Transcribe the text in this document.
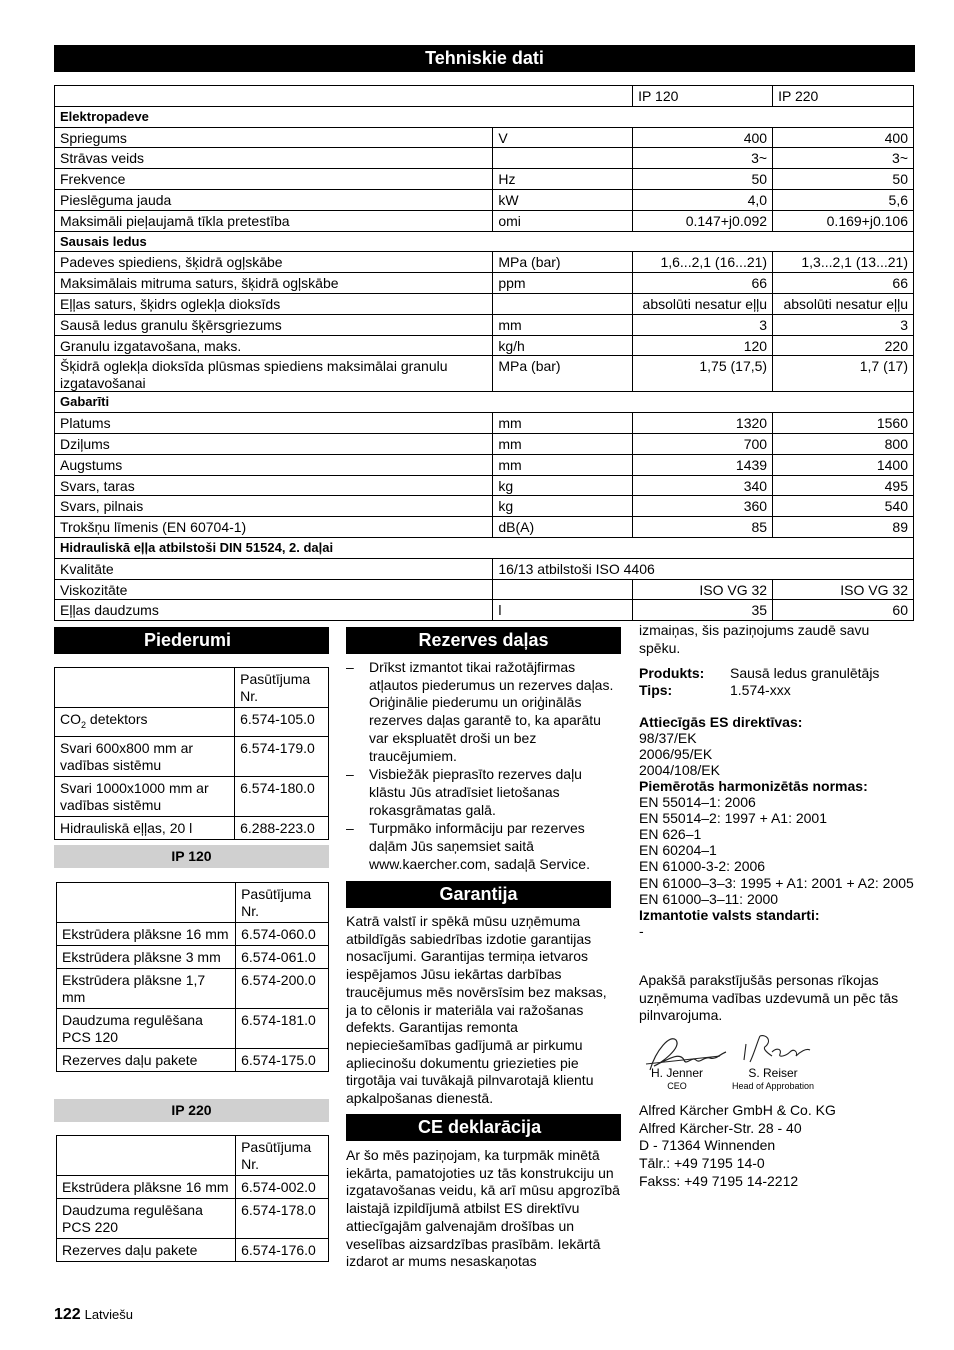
Tehniskie dati
		IP 120	IP 220
Elektropadeve			
Spriegums	V	400	400
Strāvas veids		3~	3~
Frekvence	Hz	50	50
Pieslēguma jauda	kW	4,0	5,6
Maksimāli pieļaujamā tīkla pretestība	omi	0.147+j0.092	0.169+j0.106
Sausais ledus			
Padeves spiediens, šķidrā ogļskābe	MPa (bar)	1,6...2,1 (16...21)	1,3...2,1 (13...21)
Maksimālais mitruma saturs, šķidrā ogļskābe	ppm	66	66
Eļļas saturs, šķidrs oglekļa dioksīds		absolūti nesatur eļļu	absolūti nesatur eļļu
Sausā ledus granulu šķērsgriezums	mm	3	3
Granulu izgatavošana, maks.	kg/h	120	220
Šķidrā oglekļa dioksīda plūsmas spiediens maksimālai granulu izgatavošanai	MPa (bar)	1,75 (17,5)	1,7 (17)
Gabarīti			
Platums	mm	1320	1560
Dziļums	mm	700	800
Augstums	mm	1439	1400
Svars, taras	kg	340	495
Svars, pilnais	kg	360	540
Trokšņu līmenis (EN 60704-1)	dB(A)	85	89
Hidrauliskā eļļa atbilstoši DIN 51524, 2. daļai			
Kvalitāte	16/13 atbilstoši ISO 4406		
Viskozitāte		ISO VG 32	ISO VG 32
Eļļas daudzums	l	35	60
Piederumi
	Pasūtījuma Nr.
$CO_2$ detektors	6.574-105.0
Svari 600x800 mm ar vadības sistēmu	6.574-179.0
Svari 1000x1000 mm ar vadības sistēmu	6.574-180.0
Hidrauliskā eļļas, 20 l	6.288-223.0
IP 120
	Pasūtījuma Nr.
Ekstrūdera plāksne 16 mm	6.574-060.0
Ekstrūdera plāksne 3 mm	6.574-061.0
Ekstrūdera plāksne 1,7 mm	6.574-200.0
Daudzuma regulēšana PCS 120	6.574-181.0
Rezerves daļu pakete	6.574-175.0
IP 220
	Pasūtījuma Nr.
Ekstrūdera plāksne 16 mm	6.574-002.0
Daudzuma regulēšana PCS 220	6.574-178.0
Rezerves daļu pakete	6.574-176.0
Rezerves daļas
– Drīkst izmantot tikai ražotājfirmas atļautos piederumus un rezerves daļas. Oriģinālie piederumu un oriģinālās rezerves daļas garantē to, ka aparātu var ekspluatēt droši un bez traucējumiem.
– Visbiežāk pieprasīto rezerves daļu klāstu Jūs atradīsiet lietošanas rokasgrāmatas galā.
– Turpmāko informāciju par rezerves daļām Jūs saņemsiet saitā www.kaercher.com, sadaļā Service.
Garantija
Katrā valstī ir spēkā mūsu uzņēmuma atbildīgās sabiedrības izdotie garantijas nosacījumi. Garantijas termiņa ietvaros iespējamos Jūsu iekārtas darbības traucējumus mēs novērsīsim bez maksas, ja to cēlonis ir materiāla vai ražošanas defekts. Garantijas remonta nepieciešamības gadījumā ar pirkumu apliecinošu dokumentu griezieties pie tirgotāja vai tuvākajā pilnvarotajā klientu apkalpošanas dienestā.
CE deklarācija
Ar šo mēs paziņojam, ka turpmāk minētā iekārta, pamatojoties uz tās konstrukciju un izgatavošanas veidu, kā arī mūsu apgrozībā laistajā izpildījumā atbilst ES direktīvu attiecīgajām galvenajām drošības un veselības aizsardzības prasībām. Iekārtā izdarot ar mums nesaskaņotas
izmaiņas, šis paziņojums zaudē savu spēku.
Produkts:	Sausā ledus granulētājs
Tips:	1.574-xxx
Attiecīgās ES direktīvas:
98/37/EK
2006/95/EK
2004/108/EK
Piemērotās harmonizētās normas:
EN 55014–1: 2006
EN 55014–2: 1997 + A1: 2001
EN 626–1
EN 60204–1
EN 61000-3-2: 2006
EN 61000–3–3: 1995 + A1: 2001 + A2: 2005
EN 61000–3–11: 2000
Izmantotie valsts standarti:
-
Apakšā parakstījušās personas rīkojas uzņēmuma vadības uzdevumā un pēc tās pilnvarojuma.
H. Jenner
CEO
S. Reiser
Head of Approbation
Alfred Kärcher GmbH & Co. KG
Alfred Kärcher-Str. 28 - 40
D - 71364 Winnenden
Tālr.: +49 7195 14-0
Fakss: +49 7195 14-2212
122 Latviešu
